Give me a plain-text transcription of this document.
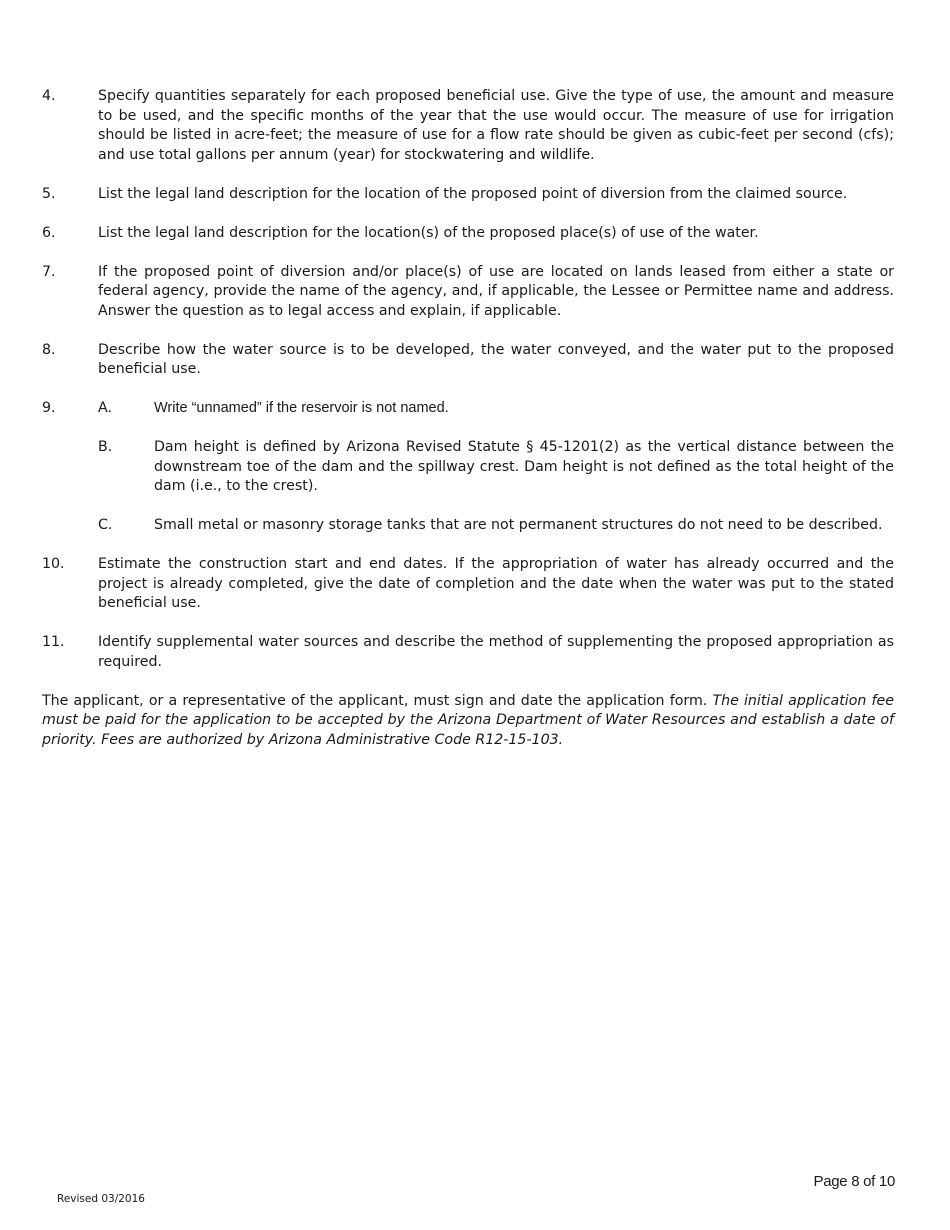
4.	Specify quantities separately for each proposed beneficial use. Give the type of use, the amount and measure to be used, and the specific months of the year that the use would occur. The measure of use for irrigation should be listed in acre-feet; the measure of use for a flow rate should be given as cubic-feet per second (cfs); and use total gallons per annum (year) for stockwatering and wildlife.
5.	List the legal land description for the location of the proposed point of diversion from the claimed source.
6.	List the legal land description for the location(s) of the proposed place(s) of use of the water.
7.	If the proposed point of diversion and/or place(s) of use are located on lands leased from either a state or federal agency, provide the name of the agency, and, if applicable, the Lessee or Permittee name and address. Answer the question as to legal access and explain, if applicable.
8.	Describe how the water source is to be developed, the water conveyed, and the water put to the proposed beneficial use.
9.	A.	Write “unnamed” if the reservoir is not named.
B.	Dam height is defined by Arizona Revised Statute § 45-1201(2) as the vertical distance between the downstream toe of the dam and the spillway crest. Dam height is not defined as the total height of the dam (i.e., to the crest).
C.	Small metal or masonry storage tanks that are not permanent structures do not need to be described.
10.	Estimate the construction start and end dates. If the appropriation of water has already occurred and the project is already completed, give the date of completion and the date when the water was put to the stated beneficial use.
11.	Identify supplemental water sources and describe the method of supplementing the proposed appropriation as required.

The applicant, or a representative of the applicant, must sign and date the application form. The initial application fee must be paid for the application to be accepted by the Arizona Department of Water Resources and establish a date of priority. Fees are authorized by Arizona Administrative Code R12-15-103.

Page 8 of 10
Revised 03/2016
